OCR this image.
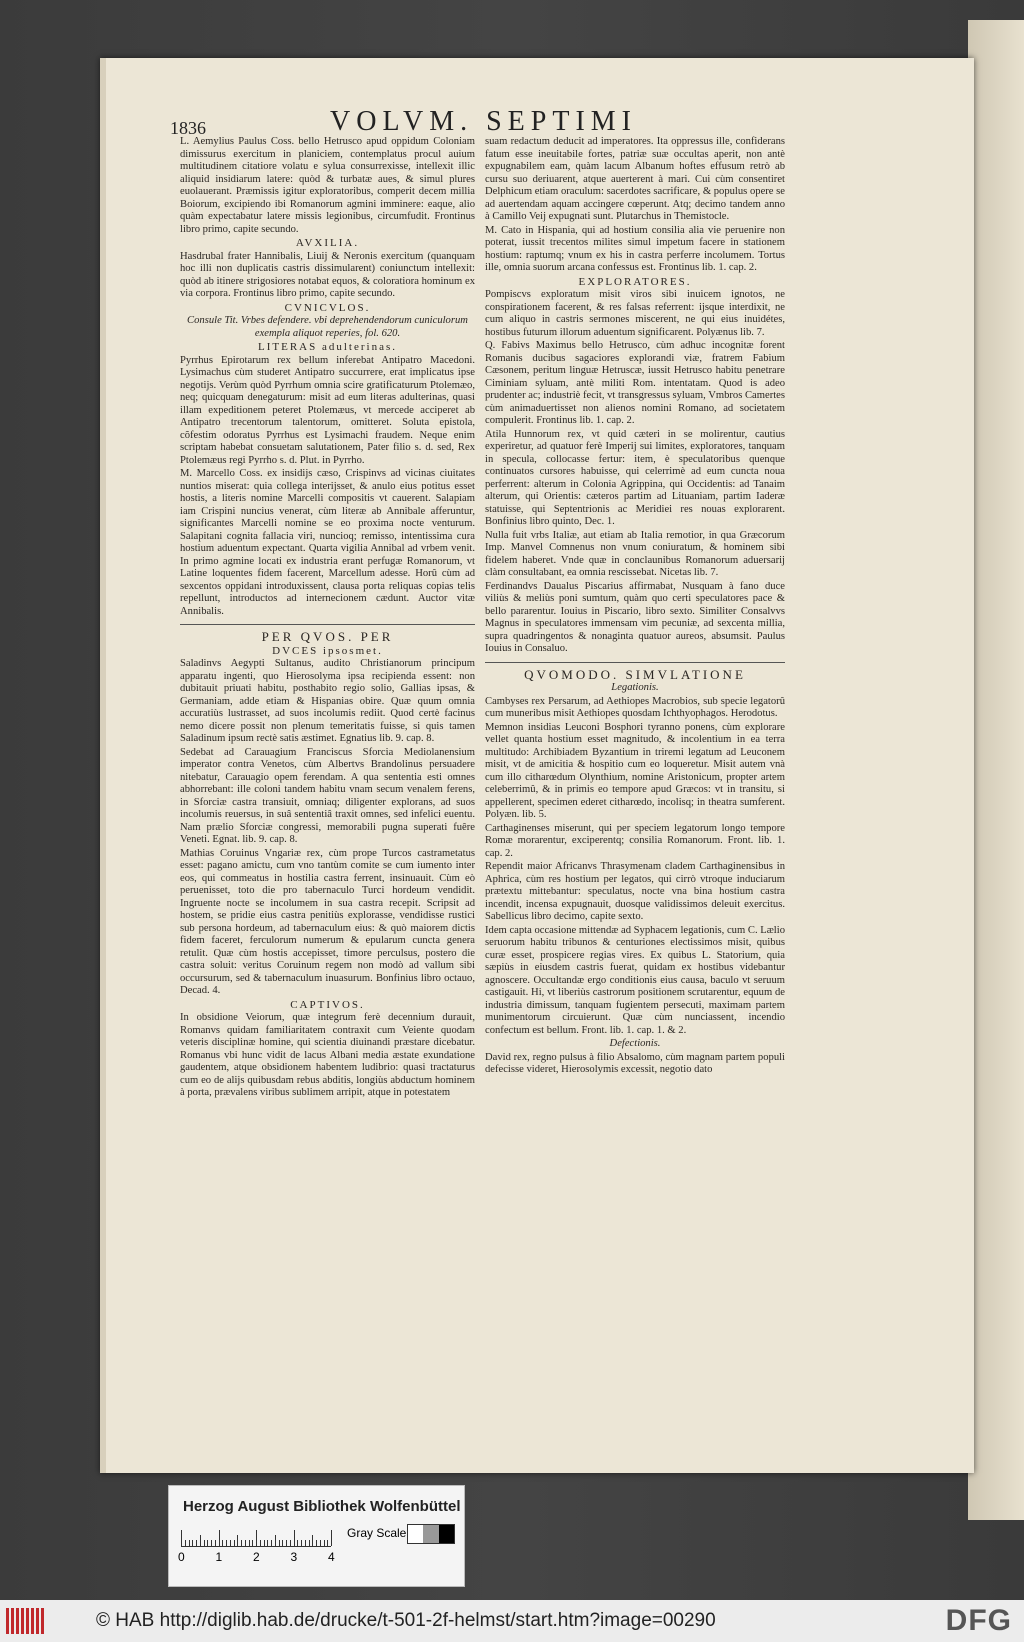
1836	VOLVM. SEPTIMI

L. Aemylius Paulus Coss. bello Hetrusco apud oppidum Coloniam dimissurus exercitum in planiciem, contemplatus procul auium multitudinem citatiore volatu e sylua consurrexisse, intellexit illic aliquid insidiarum latere: quòd & turbatæ aues, & simul plures euolauerant. Præmissis igitur exploratoribus, comperit decem millia Boiorum, excipiendo ibi Romanorum agmini imminere: eaque, alio quàm expectabatur latere missis legionibus, circumfudit. Frontinus libro primo, capite secundo.

AVXILIA.

Hasdrubal frater Hannibalis, Liuij & Neronis exercitum (quanquam hoc illi non duplicatis castris dissimularent) coniunctum intellexit: quòd ab itinere strigosiores notabat equos, & coloratiora hominum ex via corpora. Frontinus libro primo, capite secundo.

CVNICVLOS.

Consule Tit. Vrbes defendere. vbi deprehendendorum cuniculorum exempla aliquot reperies, fol. 620.

LITERAS adulterinas.

Pyrrhus Epirotarum rex bellum inferebat Antipatro Macedoni. Lysimachus cùm studeret Antipatro succurrere, erat implicatus ipse negotijs. Verùm quòd Pyrrhum omnia scire gratificaturum Ptolemæo, neq; quicquam denegaturum: misit ad eum literas adulterinas, quasi illam expeditionem peteret Ptolemæus, vt mercede acciperet ab Antipatro trecentorum talentorum, omitteret. Soluta epistola, cõfestim odoratus Pyrrhus est Lysimachi fraudem. Neque enim scriptam habebat consuetam salutationem, Pater filio s. d. sed, Rex Ptolemæus regi Pyrrho s. d. Plut. in Pyrrho.

M. Marcello Coss. ex insidijs cæso, Crispinvs ad vicinas ciuitates nuntios miserat: quia collega interijsset, & anulo eius potitus esset hostis, a literis nomine Marcelli compositis vt cauerent. Salapiam iam Crispini nuncius venerat, cùm literæ ab Annibale afferuntur, significantes Marcelli nomine se eo proxima nocte venturum. Salapitani cognita fallacia viri, nuncioq; remisso, intentissima cura hostium aduentum expectant. Quarta vigilia Annibal ad vrbem venit. In primo agmine locati ex industria erant perfugæ Romanorum, vt Latine loquentes fidem facerent, Marcellum adesse. Horû cùm ad sexcentos oppidani introduxissent, clausa porta reliquas copias telis repellunt, introductos ad internecionem cædunt. Auctor vitæ Annibalis.

PER QVOS. PER

DVCES ipsosmet.

Saladinvs Aegypti Sultanus, audito Christianorum principum apparatu ingenti, quo Hierosolyma ipsa recipienda essent: non dubitauit priuati habitu, posthabito regio solio, Gallias ipsas, & Germaniam, adde etiam & Hispanias obire. Quæ quum omnia accuratiùs lustrasset, ad suos incolumis rediit. Quod certè facinus nemo dicere possit non plenum temeritatis fuisse, si quis tamen Saladinum ipsum rectè satis æstimet. Egnatius lib. 9. cap. 8.

Sedebat ad Carauagium Franciscus Sforcia Mediolanensium imperator contra Venetos, cùm Albertvs Brandolinus persuadere nitebatur, Carauagio opem ferendam. A qua sententia esti omnes abhorrebant: ille coloni tandem habitu vnam secum venalem ferens, in Sforciæ castra transiuit, omniaq; diligenter explorans, ad suos incolumis reuersus, in suâ sententiâ traxit omnes, sed infelici euentu. Nam prælio Sforciæ congressi, memorabili pugna superati fuêre Veneti. Egnat. lib. 9. cap. 8.

Mathias Coruinus Vngariæ rex, cùm prope Turcos castrametatus esset: pagano amictu, cum vno tantùm comite se cum iumento inter eos, qui commeatus in hostilia castra ferrent, insinuauit. Cùm eò peruenisset, toto die pro tabernaculo Turci hordeum vendidit. Ingruente nocte se incolumem in sua castra recepit. Scripsit ad hostem, se pridie eius castra penitiùs explorasse, vendidisse rustici sub persona hordeum, ad tabernaculum eius: & quò maiorem dictis fidem faceret, ferculorum numerum & epularum cuncta genera retulit. Quæ cùm hostis accepisset, timore perculsus, postero die castra soluit: veritus Coruinum regem non modò ad vallum sibi occursurum, sed & tabernaculum inuasurum. Bonfinius libro octauo, Decad. 4.

CAPTIVOS.

In obsidione Veiorum, quæ integrum ferè decennium durauit, Romanvs quidam familiaritatem contraxit cum Veiente quodam veteris disciplinæ homine, qui scientia diuinandi præstare dicebatur. Romanus vbi hunc vidit de lacus Albani media æstate exundatione gaudentem, atque obsidionem habentem ludibrio: quasi tractaturus cum eo de alijs quibusdam rebus abditis, longiùs abductum hominem à porta, prævalens viribus sublimem arripit, atque in potestatem

suam redactum deducit ad imperatores. Ita oppressus ille, confiderans fatum esse ineuitabile fortes, patriæ suæ occultas aperit, non antè expugnabilem eam, quàm lacum Albanum hoftes effusum retrò ab cursu suo deriuarent, atque auerterent à mari. Cui cùm consentiret Delphicum etiam oraculum: sacerdotes sacrificare, & populus opere se ad auertendam aquam accingere cœperunt. Atq; decimo tandem anno à Camillo Veij expugnati sunt. Plutarchus in Themistocle.

M. Cato in Hispania, qui ad hostium consilia alia vie peruenire non poterat, iussit trecentos milites simul impetum facere in stationem hostium: raptumq; vnum ex his in castra perferre incolumem. Tortus ille, omnia suorum arcana confessus est. Frontinus lib. 1. cap. 2.

EXPLORATORES.

Pompiscvs exploratum misit viros sibi inuicem ignotos, ne conspirationem facerent, & res falsas referrent: ijsque interdixit, ne cum aliquo in castris sermones miscerent, ne qui eius inuidétes, hostibus futurum illorum aduentum significarent. Polyænus lib. 7.

Q. Fabivs Maximus bello Hetrusco, cùm adhuc incognitæ forent Romanis ducibus sagaciores explorandi viæ, fratrem Fabium Cæsonem, peritum linguæ Hetruscæ, iussit Hetrusco habitu penetrare Ciminiam syluam, antè militi Rom. intentatam. Quod is adeo prudenter ac; industriè fecit, vt transgressus syluam, Vmbros Camertes cùm animaduertisset non alienos nomini Romano, ad societatem compulerit. Frontinus lib. 1. cap. 2.

Atila Hunnorum rex, vt quid cæteri in se molirentur, cautius experiretur, ad quatuor ferè Imperij sui limites, exploratores, tanquam in specula, collocasse fertur: item, è speculatoribus quenque continuatos cursores habuisse, qui celerrimè ad eum cuncta noua perferrent: alterum in Colonia Agrippina, qui Occidentis: ad Tanaim alterum, qui Orientis: cæteros partim ad Lituaniam, partim Iaderæ statuisse, qui Septentrionis ac Meridiei res nouas explorarent. Bonfinius libro quinto, Dec. 1.

Nulla fuit vrbs Italiæ, aut etiam ab Italia remotior, in qua Græcorum Imp. Manvel Comnenus non vnum coniuratum, & hominem sibi fidelem haberet. Vnde quæ in conclaunibus Romanorum aduersarij clàm consultabant, ea omnia rescissebat. Nicetas lib. 7.

Ferdinandvs Daualus Piscarius affirmabat, Nusquam à fano duce viliùs & meliùs poni sumtum, quàm quo certi speculatores pace & bello pararentur. Iouius in Piscario, libro sexto. Similiter Consalvvs Magnus in speculatores immensam vim pecuniæ, ad sexcenta millia, supra quadringentos & nonaginta quatuor aureos, absumsit. Paulus Iouius in Consaluo.

QVOMODO. SIMVLATIONE

Legationis.

Cambyses rex Persarum, ad Aethiopes Macrobios, sub specie legatorû cum muneribus misit Aethiopes quosdam Ichthyophagos. Herodotus.

Memnon insidias Leuconi Bosphori tyranno ponens, cùm explorare vellet quanta hostium esset magnitudo, & incolentium in ea terra multitudo: Archibiadem Byzantium in triremi legatum ad Leuconem misit, vt de amicitia & hospitio cum eo loqueretur. Misit autem vnà cum illo citharœdum Olynthium, nomine Aristonicum, propter artem celeberrimû, & in primis eo tempore apud Græcos: vt in transitu, si appellerent, specimen ederet citharœdo, incolisq; in theatra sumferent. Polyæn. lib. 5.

Carthaginenses miserunt, qui per speciem legatorum longo tempore Romæ morarentur, exciperentq; consilia Romanorum. Front. lib. 1. cap. 2.

Rependit maior Africanvs Thrasymenam cladem Carthaginensibus in Aphrica, cùm res hostium per legatos, qui cirrò vtroque induciarum prætextu mittebantur: speculatus, nocte vna bina hostium castra incendit, incensa expugnauit, duosque validissimos deleuit exercitus. Sabellicus libro decimo, capite sexto.

Idem capta occasione mittendæ ad Syphacem legationis, cum C. Lælio seruorum habitu tribunos & centuriones electissimos misit, quibus curæ esset, prospicere regias vires. Ex quibus L. Statorium, quia sæpiùs in eiusdem castris fuerat, quidam ex hostibus videbantur agnoscere. Occultandæ ergo conditionis eius causa, baculo vt seruum castigauit. Hi, vt liberiùs castrorum positionem scrutarentur, equum de industria dimissum, tanquam fugientem persecuti, maximam partem munimentorum circuierunt. Quæ cùm nunciassent, incendio confectum est bellum. Front. lib. 1. cap. 1. & 2.

Defectionis.

David rex, regno pulsus à filio Absalomo, cùm magnam partem populi defecisse videret, Hierosolymis excessit, negotio dato

Herzog August Bibliothek Wolfenbüttel
0	1	2	3	4
Gray Scale
© HAB http://diglib.hab.de/drucke/t-501-2f-helmst/start.htm?image=00290	DFG
